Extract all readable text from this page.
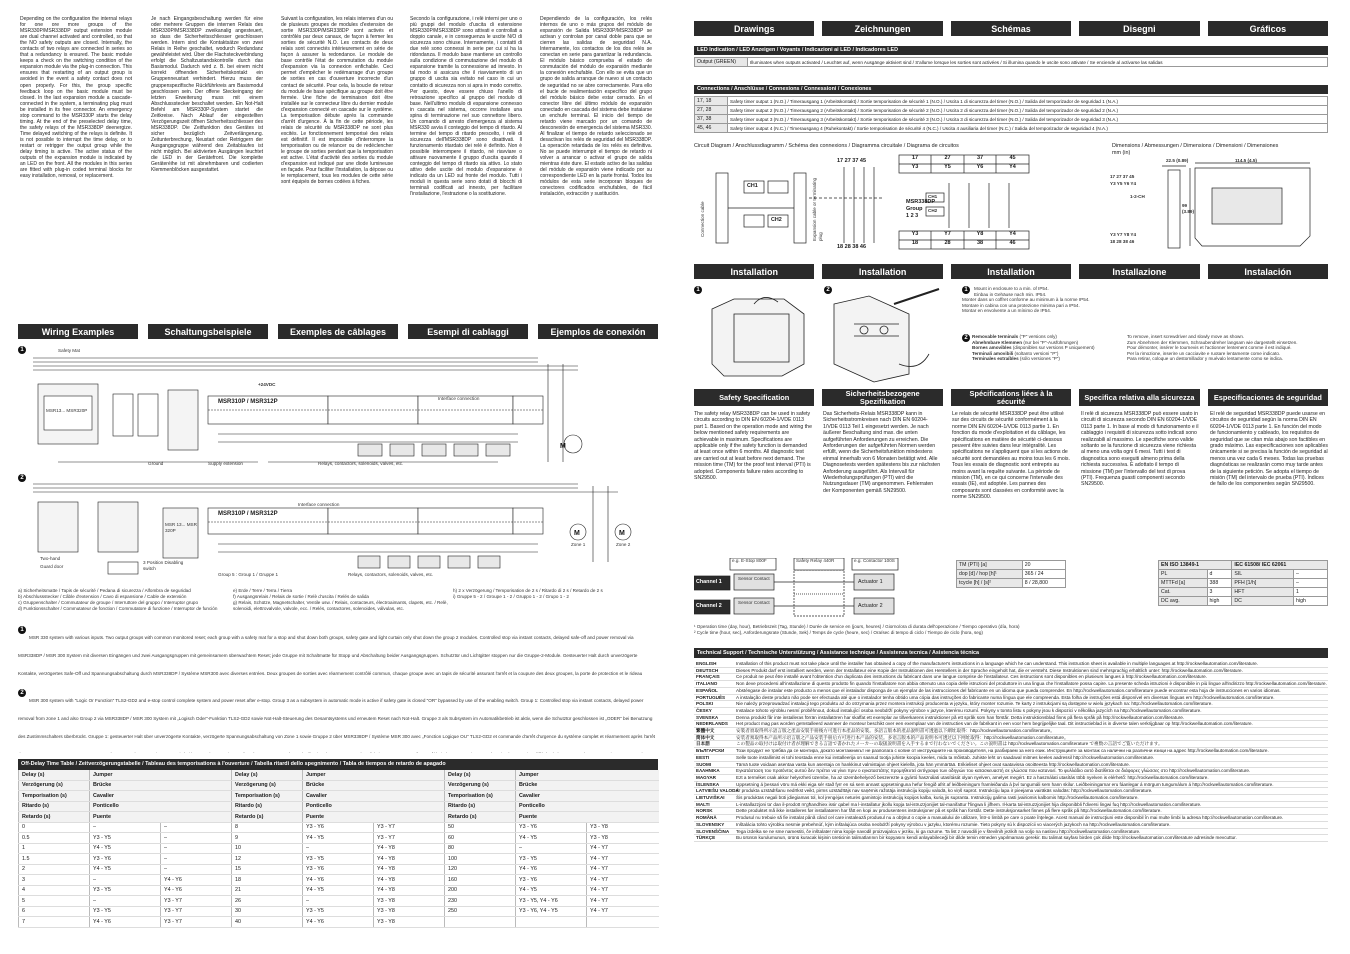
Depending on the configuration the internal relays for one ore more groups of the MSR330P/MSR338DP output extension module are dual channel activated and controlled, so that the NO safety outputs are closed. Internally, the contacts of two relays are connected in series so that a redundancy is ensured. The basic module keeps a check on the switching condition of the expansion module via the plug-in connection. This ensures that restarting of an output group is avoided in the event a safety contact does not open properly. For this, the group specific feedback loop on the basic module must be closed. In the last expansion module a cascade-connected in the system, a terminating plug must be installed in its free connector. An emergency stop command to the MSR330P starts the delay timing. At the end of the preselected delay time, the safety relays of the MSR338DP deenergize. Time delayed switching of the relays is definite. It is not possible to interrupt the time delay, or to restart or retrigger the output group while the delay timing is active. The active status of the outputs of the expansion module is indicated by an LED on the front. All the modules in this series are fitted with plug-in coded terminal blocks for easy installation, removal, or replacement.
Je nach Eingangsbeschaltung werden für eine oder mehrere Gruppen die internen Relais des MSR330P/MSR338DP zweikanalig angesteuert, so dass die Sicherheitsschliesser geschlossen werden. Intern sind die Kontaktsätze von zwei Relais in Reihe geschaltet, wodurch Redundanz gewährleistet wird. Über die Flachsteckverbindung erfolgt die Schaltzustandskontrolle durch das Basismodul. Dadurch wird z. B. bei einem nicht korrekt öffnenden Sicherheitskontakt ein Gruppenneustart verhindert. Hierzu muss der gruppenspezifische Rückführkreis am Basismodul geschlossen sein. Der offene Steckeingang der letzten Erweiterung muss mit einem Abschlussstecker beschaltet werden. Ein Not-Halt Befehl am MSR330P-System startet die Zeitkreise. Nach Ablauf der eingestellten Verzögerungszeit öffnen Sicherheitsschliesser des MSR338DP. Die Zeitfunktion des Gerätes ist sicher bezüglich Zeitverlängerung. Zeitunterbrechung, Neustart oder Retriggern der Ausgangsgruppe während des Zeitablaufes ist nicht möglich. Bei aktivierten Ausgängen leuchtet die LED in der Gerätefront. Die komplette Geräteréihe ist mit abnehmbaren und codierten Klemmenblöcken ausgestattet.
Suivant la configuration, les relais internes d'un ou de plusieurs groupes de modules d'extension de sortie MSR330P/MSR338DP sont activés et contrôlés par deux canaux, de façon à fermer les sorties de sécurité N.O. Les contacts de deux relais sont connectés intérieurement en série de façon à assurer la redondance. Le module de base contrôle l'état de commutation du module d'expansion via la connexion enfichable. Ceci permet d'empêcher le redémarrage d'un groupe de sorties en cas d'ouverture incorrecte d'un contact de sécurité. Pour cela, la boucle de retour du module de base spécifique au groupe doit être fermée. Une fiche de terminaison doit être installée sur le connecteur libre du dernier module d'expansion connecté en cascade sur le système. La temporisation débute après la commande d'arrêt d'urgence. À la fin de cette période, les relais de sécurité du MSR338DP ne sont plus excités. Le fonctionnement temporisé des relais est définitif. Il est impossible d'interrompre la temporisation ou de relancer ou de redéclencher le groupe de sorties pendant que la temporisation est active. L'état d'activité des sorties du module d'expansion est indiqué par une diode lumineuse en façade. Pour faciliter l'installation, la dépose ou le remplacement, tous les modules de cette série sont équipés de bornes codées à fiches.
Secondo la configurazione, i relè interni per uno o più gruppi del modulo d'uscita di estensione MSR330P/MSR338DP sono attivati e controllati a doppio canale, e in conseguenza le uscite N/O di sicurezza sono chiuse. Internamente, i contatti di due relè sono connessi in serie per cui si ha la ridondanza. Il modulo base mantiene un controllo sulla condizione di commutazione del modulo di espansione tramite la connessione ad innesto. In tal modo si assicura che il riavviamento di un gruppo di uscita sia evitato nel caso in cui un contatto di sicurezza non si apra in modo corretto. Per questo, deve essere chiuso l'anello di retroazione specifico al gruppo del modulo di base. Nell'ultimo modulo di espansione connesso in cascata nel sistema, occorre installare una spina di terminazione nel suo connettore libero. Un comando di arresto d'emergenza al sistema MSR330 avvia il conteggio del tempo di ritardo. Al termine del tempo di ritardo prescelto, i relè di sicurezza dell'MSR338DP sono disattivati. Il funzionamento ritardato dei relè è definito. Non è possibile interrompere il ritardo, né riavviare o attivare nuovamente il gruppo d'uscita quando il conteggio del tempo di ritardo sia attivo. Lo stato attivo delle uscite del modulo d'espansione è indicato da un LED sul fronte del modulo. Tutti i moduli in questa serie sono dotati di blocchi di terminali codificati ad innesto, per facilitare l'installazione, l'estrazione o la sostituzione.
Dependiendo de la configuración, los relés internos de uno o más grupos del módulo de expansión de Salida MSR330P/MSR338DP se activan y controlan por canal doble para que se cierren las salidas de seguridad N.A. Internamente, los contactos de los dos relés se conectan en serie para garantizar la redundancia. El módulo básico comprueba el estado de conmutación del módulo de expansión mediante la conexión enchufable. Con ello se evita que un grupo de salida arranque de nuevo si un contacto de seguridad no se abre correctamente. Para ello el bucle de realimentación específico del grupo del módulo básico debe estar cerrado. En el conector libre del último módulo de expansión conectado en cascada del sistema debe instalarse un enchufe terminal. El inicio del tiempo de retardo viene marcado por un comando de desconexión de emergencia del sistema MSR330. Al finalizar el tiempo de retardo seleccionado se desactivan los relés de seguridad del MSR338DP. La operación retardada de los relés es definitiva. No se puede interrumpir el tiempo de retardo ni volver a arrancar o activar el grupo de salida mientras éste dure. El estado activo de las salidas del módulo de expansión viene indicado por su correspondiente LED en la parte frontal. Todos los módulos de esta serie incorporan bloques de conectores codificados enchufables, de fácil instalación, extracción y sustitución.
Wiring Examples	Schaltungsbeispiele	Exemples de câblages	Esempi di cablaggi	Ejemplos de conexión
1
M
Safety Mat
+24VDC
MSR13... MSR320P
MSR310P / MSR312P
Interface connection
Ground	Supply extension	Relays, contactors, solenoids, valves, etc.
2
M	M
Two-hand
Guard door
Interface connection
MSR 13... MSR 320P
MSR310P / MSR312P
3 Position Disabling switch
Zone 1	Zone 2
Relays, contactors, solenoids, valves, etc.
Group 5 : Group 1 / Gruppe 1
a) Sicherheitsmatte / Tapis de sécurité / Pedana di sicurezza / Alfombra de seguridad
b) Abschlussstecker / Câble d'extension / Cavo di espansione / Cable de extensión
c) Gruppenschalter / Commutateur de groupe / Interruttore del gruppo / Interruptor grupo
d) Funktionsschalter / Commutateur de fonction / Commutatore di funzione / Interruptor de función
e) Erde / Terre / Terra / Tierra
f) Ausgangsrelais / Relais de sortie / Relè d'uscita / Relés de salida
g) Relais, Schütze, Magnetschalter, Ventile usw. / Relais, contacteurs, électroaimants, clapets, etc. / Relè, solenoidi, elettrovalvole, valvole, ecc. / Relés, contactores, solenoides, válvulas, etc.
h) 2 x Verzögerung / Temporisation de 2 s / Ritardo di 2 s / Retardo de 2 s
i) Gruppe 5 - 2 / Groupe 1 - 2 / Gruppo 1 - 2 / Grupo 1 - 2
1
MSR 330 system with various inputs. Two output groups with common monitored reset; each group with a safety mat for a stop and shut down both groups, safety gate and light curtain only shut down the group 2 modules. Controlled stop via instant contacts, delayed safe-off and power removal via MSR338DP / MSR 300 System mit diversen Eingängen und zwei Ausgangsgruppen mit gemeinsamem überwachtem Reset; jede Gruppe mit Schaltmatte für Stopp und Abschaltung beider Ausgangsgruppen. Schutztür und Lichtgitter stoppen nur die Gruppe-2-Module. Gesteuerter Halt durch unverzögerte Kontakte, verzögertes Safe-Off und Spannungsabschaltung durch MSR338DP / Système MSR300 avec diverses entrées. Deux groupes de sorties avec réarmement contrôlé commun, chaque groupe avec un tapis de sécurité assurant l'arrêt et la coupure des deux groupes, la porte de protection et le rideau
2
MSR 300 system with "Logic Or Function" TLS2-GD2 and e-stop control complete system and power reset after e-stop. Group 3 as a subsystem in automatic mode is active if safety gate is closed "OR" bypassed by use of the enabling switch. Group 1: Controlled stop via instant contacts, delayed power removal from zone 1 and also Group 2 via MSR338DP / MSR 300 System mit „Logisch Oder"-Funktion TLS2-GD2 sowie Not-Halt-Steuerung des Gesamtsystems und erneutem Reset nach Not-Halt. Gruppe 3 als Subsystem im Automatikbetrieb ist aktiv, wenn die Schutztür geschlossen ist „ODER" bei Benutzung des Zustimmschalters überbrückt. Gruppe 1: gesteuerter Halt über unverzögerte Kontakte, verzögerte Spannungsabschaltung von Zone 1 sowie Gruppe 2 über MSR338DP / Système MSR 300 avec „Fonction Logique OU" TLS2-GD2 et commande d'arrêt d'urgence du système complet et réarmement après l'arrêt
Off-Delay Time Table / Zeitverzögerungstabelle / Tableau des temporisations à l'ouverture / Tabella ritardi dello spegnimento / Tabla de tiempos de retardo de apagado
Delay (s)	Jumper		Delay (s)	Jumper		Delay (s)	Jumper	
Verzögerung (s)	Brücke		Verzögerung (s)	Brücke		Verzögerung (s)	Brücke	
Temporisation (s)	Cavalier		Temporisation (s)	Cavalier		Temporisation (s)	Cavalier	
Ritardo (s)	Ponticello		Ritardo (s)	Ponticello		Ritardo (s)	Ponticello	
Retardo (s)	Puente		Retardo (s)	Puente		Retardo (s)	Puente	
0	–	–	8	Y3 - Y6	Y3 - Y7	50	Y3 - Y6	Y3 - Y8
0.5	Y3 - Y5	–	9	Y4 - Y5	Y3 - Y7	60	Y4 - Y5	Y3 - Y8
1	Y4 - Y5	–	10	–	Y4 - Y8	80	–	Y4 - Y7
1.5	Y3 - Y6	–	12	Y3 - Y5	Y4 - Y8	100	Y3 - Y5	Y4 - Y7
2	Y4 - Y5	–	15	Y3 - Y6	Y4 - Y8	120	Y4 - Y6	Y4 - Y7
3	–	Y4 - Y6	18	Y4 - Y6	Y4 - Y8	160	Y3 - Y6	Y4 - Y7
4	Y3 - Y5	Y4 - Y6	21	Y4 - Y5	Y4 - Y8	200	Y4 - Y5	Y4 - Y7
5	–	Y3 - Y7	26	–	Y3 - Y8	230	Y3 - Y5, Y4 - Y6	Y4 - Y7
6	Y3 - Y5	Y3 - Y7	30	Y3 - Y5	Y3 - Y8	250	Y3 - Y6, Y4 - Y5	Y4 - Y7
7	Y4 - Y6	Y3 - Y7	40	Y4 - Y6	Y3 - Y8			
Drawings	Zeichnungen	Schémas	Disegni	Gráficos
LED Indication / LED Anzeigen / Voyants / Indicazioni ai LED / Indicadores LED
Output (GREEN)	Illuminates when outputs activated / Leuchtet auf, wenn Ausgänge aktiviert sind / S'allume lorsque les sorties sont activées / Si illumina quando le uscite sono attivate / Se enciende al activarse las salidas
Connections / Anschlüsse / Connexions / Connessioni / Conexiones
17, 18	Safety timer output 1 (N.O.) / Timerausgang 1 (Arbeitskontakt) / Sortie temporisation de sécurité 1 (N.O.) / Uscita 1 di sicurezza del timer (N.O.) / Salida del temporizador de seguridad 1 (N.A.)
27, 28	Safety timer output 2 (N.O.) / Timerausgang 2 (Arbeitskontakt) / Sortie temporisation de sécurité 2 (N.O.) / Uscita 2 di sicurezza del timer (N.O.) / Salida del temporizador de seguridad 2 (N.A.)
37, 38	Safety timer output 3 (N.O.) / Timerausgang 3 (Arbeitskontakt) / Sortie temporisation de sécurité 3 (N.O.) / Uscita 3 di sicurezza del timer (N.O.) / Salida del temporizador de seguridad 3 (N.A.)
45, 46	Safety timer output 4 (N.C.) / Timerausgang 4 (Ruhekontakt) / Sortie temporisation de sécurité 4 (N.C.) / Uscita 4 ausiliaria del timer (N.C.) / Salida del temporizador de seguridad 4 (N.A.)
Circuit Diagram / Anschlussdiagramm / Schéma des connexions / Diagramma circuitale / Diagrama de circuitos
17 27 37 45
18 28 38 46
Connection cable	Expansion cable or terminating plug
CH1
CH2
MSR338DP Group 1 2 3
CH1
CH2
17	27	37	45
Y3	Y5	Y6	Y4
Y3	Y7	Y8	Y4
18	28	38	46
Dimensions / Abmessungen / Dimensions / Dimensioni / Dimensiones
mm (in)
22.5 (0.89)	114.5 (4.5)
99 (3.89)
17 27 37 45
Y3 Y5 Y6 Y4
1-2-CH
Y3 Y7 Y8 Y4
18 28 38 46
Installation	Installation	Installation	Installazione	Instalación
1	2	1	Mount in enclosure to a min. of IP54.
Einbau in Gehäuse nach min. IP54.
Monter dans un coffret conforme au minimum à la norme IP54.
Montare in cabina con una protezione minima pari a IP54.
Montar en envolvente a un mínimo de IP54.
2 Removable terminals ("P" versions only)
Abnehmbare Klemmen (nur bei "P"-Ausführungen)
Bornes amovibles (disponibles sur versions P uniquement)
Terminali amovibili (soltanto versioni "P")
Terminales extraíbles (sólo versiones "P")
To remove, insert screwdriver and slowly move as shown.
Zum Abnehmen der Klemmen, Schraubendreher langsam wie dargestellt einsetzen.
Pour démonter, insérer le tournevis et l'actionner lentement comme il est indiqué.
Per la rimozione, inserire un cacciavite e ruotare lentamente come indicato.
Para retirar, coloque un destornillador y muévalo lentamente como se indica.
Safety Specification	Sicherheitsbezogene Spezifikation
Spécifications liées à la sécurité	Specifica relativa alla sicurezza	Especificaciones de seguridad
The safety relay MSR338DP can be used in safety circuits according to DIN EN 60204-1/VDE 0113 part 1. Based on the operation mode and wiring the below mentioned safety requirements are achievable in maximum. Specifications are applicable only if the safety function is demanded at least once within 6 months. All diagnostic test are carried out at least before next demand. The mission time (TM) for the proof test interval (PTI) is adopted. Components failure rates according to SN29500.
Das Sicherheits-Relais MSR338DP kann in Sicherheitsstromkreisen nach DIN EN 60204-1/VDE 0113 Teil 1 eingesetzt werden. Je nach äußerer Beschaltung sind max. die unten aufgeführten Anforderungen zu erreichen. Die Anforderungen der aufgeführten Normen werden erfüllt, wenn die Sicherheitsfunktion mindestens einmal innerhalb von 6 Monaten betätigt wird. Alle Diagnosetests werden spätestens bis zur nächsten Anforderung ausgeführt. Als Intervall für Wiederholungsprüfungen (PTI) wird die Nutzungsdauer (TM) angenommen. Fehlerraten der Komponenten gemäß SN29500.
Le relais de sécurité MSR338DP peut être utilisé sur des circuits de sécurité conformément à la norme DIN EN 60204-1/VDE 0113 partie 1. En fonction du mode d'exploitation et du câblage, les spécifications en matière de sécurité ci-dessous peuvent être suivies dans leur intégralité. Les spécifications ne s'appliquent que si les actions de sécurité sont demandées au moins tous les 6 mois. Tous les essais de diagnostic sont entrepris au moins avant la requête suivante. La période de mission (TM), en ce qui concerne l'intervalle des essais (IE), est adoptée. Les pannes des composants sont classées en conformité avec la norme SN29500.
Il relè di sicurezza MSR338DP può essere usato in circuiti di sicurezza secondo DIN EN 60204-1/VDE 0113 parte 1. In base al modo di funzionamento e il cablaggio i requisiti di sicurezza sotto indicati sono realizzabili al massimo. Le specifiche sono valide soltanto se la funzione di sicurezza viene richiesta al meno una volta ogni 6 mesi. Tutti i test di diagnostica sono eseguiti almeno prima della richiesta successiva. È adottato il tempo di missione (TM) per l'intervallo del test di prova (PTI). Frequenza guasti componenti secondo SN29500.
El relé de seguridad MSR338DP puede usarse en circuitos de seguridad según la norma DIN EN 60204-1/VDE 0113 parte 1. En función del modo de funcionamiento y cableado, los requisitos de seguridad que se citan más abajo son factibles en grado máximo. Las especificaciones son aplicables únicamente si se precisa la función de seguridad al menos una vez cada 6 meses. Todas las pruebas diagnósticas se realizarán como muy tarde antes de la siguiente petición. Se adopta el tiempo de misión (TM) del intervalo de prueba (PTI). Índices de fallo de los componentes según SN29500.
e.g. E-Stop 800F	Safety Relay 440R	e.g. Contactor 100S
Channel 1
Channel 2
Sensor Contact
Sensor Contact
Actuator 1
Actuator 2
TM (PTI) [a]	20
dop [d] / hop [h]¹	365 / 24
tcycle [h] / [s]²	8 / 28,800
EN ISO 13849-1		IEC 61508/ IEC 62061	
PL	d	SIL	–
MTTFd [a]	388	PFH [1/h]	–
Cat.	3	HFT	1
DC avg.	high	DC	high
¹ Operation time (day, hour), Betriebszeit (Tag, Stunde) / Durée de service en (jours, heures) / Giorno/ora di durata dell'operazione / Tiempo operativo (día, hora)
² Cycle time (hour, sec), Anforderungsrate (Stunde, Sek) / Temps de cycle (heure, sec) / Ora/sec di tempo di ciclo / Tiempo de ciclo (hora, seg)
Technical Support / Technische Unterstützung / Assistance technique / Assistenza tecnica / Asistencia técnica
ENGLISH	Installation of this product must not take place until the installer has obtained a copy of the manufacturer's instructions in a language which he can understand. This instruction sheet is available in multiple languages at http://rockwellautomation.com/literature.
DEUTSCH	Dieses Produkt darf erst installiert werden, wenn der Installateur eine Kopie der Instruktionen des Herstellers in der Sprache eingeholt hat, die er versteht. Diese Instruktionen sind mehrsprachig erhältlich unter: http://rockwellautomation.com/literature.
FRANÇAIS	Ce produit ne peut être installé avant l'obtention d'un duplicata des instructions du fabricant dans une langue comprise de l'installateur. Ces instructions sont disponibles en plusieurs langues à http://rockwellautomation.com/literature.
ITALIANO	Non deve procedersi all'installazione di questo prodotto fin quando l'installatore non abbia ottenuto una copia delle istruzioni del produttore in una lingua che l'installatore possa capire. La presente scheda istruzioni è disponibile in più lingue all'indirizzo http://rockwellautomation.com/literature.
ESPAÑOL	Absténgase de instalar este producto a menos que el instalador disponga de un ejemplar de las instrucciones del fabricante en un idioma que pueda comprender. En http://rockwellautomation.com/literature puede encontrar esta hoja de instrucciones en varios idiomas.
PORTUGUÊS	A instalação deste produto não pode ser efectuada até que o instalador tenha obtido uma cópia das instruções do fabricante numa língua que ele compreenda. Esta folha de instruções está disponível em diversas línguas em http://rockwellautomation.com/literature.
POLSKI	Nie należy przeprowadzać instalacji tego produktu aż do otrzymania przez montera instrukcji producenta w języku, który monter rozumie. Te karty z instrukcjami są dostępne w wielu językach na: http://rockwellautomation.com/literature.
ČESKY	Instalace tohoto výrobku nesmí proběhnout, dokud instalující osoba neobdrží pokyny výrobce v jazyce, kterému rozumí. Pokyny v tomto listu s pokyny jsou k dispozici v několika jazycích na http://rockwellautomation.com/literature.
SVENSKA	Denna produkt får inte installeras förrän installatören har skaffat ett exemplar av tillverkarens instruktioner på ett språk som han förstår. Detta instruktionsblad finns på flera språk på http://rockwellautomation.com/literature.
NEDERLANDS	Het product mag pas worden geïnstalleerd wanneer de monteur beschikt over een exemplaar van de instructies van de fabrikant in een voor hem begrijpelijke taal. Dit instructieblad is in diverse talen verkrijgbaar op http://rockwellautomation.com/literature.
繁體中文	安裝者須取得所示語言版之產品安裝手冊後方可進行本產品的安裝。多語言版本的產品說明書可透過以下網址取得：http://rockwellautomation.com/literature。
简体中文	安装者须取得本产品所示语言版之产品安装手册后方可进行本产品的安装。多语言版本的产品说明书可透过以下网址取得：http://rockwellautomation.com/literature。
日本語	この製品の取付けは取付け者が理解できる言語で書かれたメーカーの取扱説明書を入手するまで行わないでください。この説明書は http://rockwellautomation.com/literature で複数の言語でご覧いただけます。
БЪЛГАРСКИ	Този продукт не трябва да се монтира, докато монтажникът не разполага с копие от инструкциите на производителя, на разбираем за него език. Инструкциите за монтаж са налични на различни езици на адрес http://rockwellautomation.com/literature.
EESTI	Selle toote installimist ei tohi teostada enne kui installeerija on saanud tootja juhiste koopia keeles, mida ta mõistab. Juhiste leht on saadaval mitmes keeles aadressil http://rockwellautomation.com/literature.
SUOMI	Tämä tuote voidaan asentaa vasta kun asentaja on hankkinut valmistajan ohjeet kielellä, jota hän ymmärtää. Erikieliset ohjeet ovat saatavissa osoitteesta http://rockwellautomation.com/literature.
ΕΛΛΗΝΙΚΑ	Εγκατάσταση του προϊόντος αυτού δεν πρέπει να γίνει πριν ο εγκαταστάτης προμηθευτεί αντίγραφο των οδηγιών του κατασκευαστή σε γλώσσα που κατανοεί. Το φυλλάδιο αυτό διατίθεται σε διάφορες γλώσσες στο http://rockwellautomation.com/literature.
MAGYAR	Ezt a terméket csak akkor helyezheti üzembe, ha az üzembehelyező beszerezte a gyártó használati utasítását olyan nyelven, amelyet megért. Ez a használati utasítás több nyelven is elérhető: http://rockwellautomation.com/literature.
ÍSLENSKA	Uppsetning á þessari vöru má ekki eiga sér stað fyrr en sá sem annast uppsetninguna hefur fengið afrit af leiðbeiningum framleiðanda á því tungumáli sem hann skilur. Leiðbeiningarnar eru fáanlegar á mörgum tungumálum á http://rockwellautomation.com/literature.
LATVIEŠU VALODA	Šī produkta uzstādīšanu nedrīkst veikt, pirms uzstādītājs nav saņēmis ražotāja instrukciju kopiju valodā, ko viņš saprot. Instrukciju lapa ir pieejama vairākās valodās: http://rockwellautomation.com/literature.
LIETUVIŠKAI	Šis produktas negali būti įdiegiamas tol, kol įrengėjas neturės gamintojo instrukcijų kopijos kalba, kurią jis supranta. Instrukcijų galima rasti įvairiomis kalbomis http://rockwellautomation.com/literature.
MALTI	L-installazzjoni ta' dan il-prodott m'għandhiex issir qabel ma l-installatur jkollu kopja tal-istruzzjonijiet tal-manifattur f'lingwa li jifhem. Il-karta tal-istruzzjonijiet hija disponibbli f'diversi lingwi fuq http://rockwellautomation.com/literature.
NORSK	Dette produktet må ikke installeres før installatøren har fått en kopi av produsentens instruksjoner på et språk han forstår. Dette instruksjonsarket finnes på flere språk på http://rockwellautomation.com/literature.
ROMÂNĂ	Produsul nu trebuie să fie instalat până când cel care instalează produsul nu a obţinut o copie a manualului de utilizare, într-o limbă pe care o poate înţelege. Acest manual de instrucţiuni este disponibil în mai multe limbi la adresa http://rockwellautomation.com/literature.
SLOVENSKY	Inštalácia tohto výrobku nesmie prebehnúť, kým inštalujúca osoba neobdrží pokyny výrobcu v jazyku, ktorému rozumie. Tieto pokyny sú k dispozícii vo viacerých jazykoch na http://rockwellautomation.com/literature.
SLOVENŠČINA	Tega izdelka se ne sme namestiti, če inštalater nima kopije navodil proizvajalca v jeziku, ki ga razume. Ta list z navodili je v številnih jezikih na voljo na naslovu http://rockwellautomation.com/literature.
TÜRKÇE	Bu ürünün kurulumunun, ürünü kuracak kişinin üreticinin talimatlarının bir kopyasını kendi anlayabileceği bir dilde temin etmeden yapılmaması gerekir. Bu talimat sayfası birden çok dilde http://rockwellautomation.com/literature adresinde mevcuttur.
